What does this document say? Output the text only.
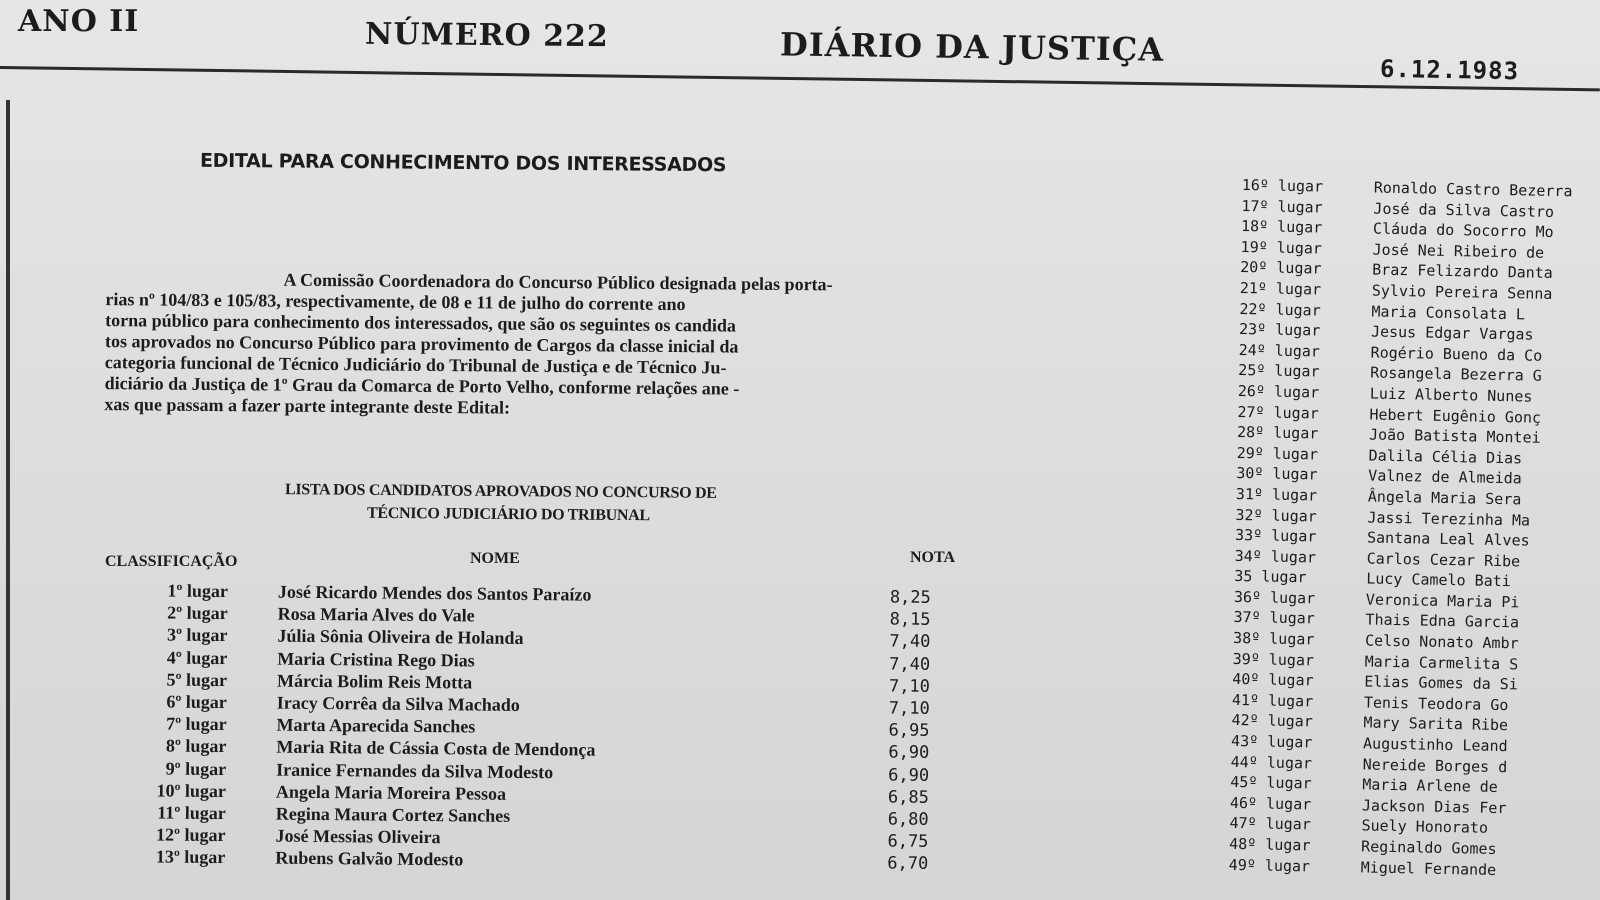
ANO II	NÚMERO 222	DIÁRIO DA JUSTIÇA
6.12.1983
EDITAL PARA CONHECIMENTO DOS INTERESSADOS
A Comissão Coordenadora do Concurso Público designada pelas porta-
rias nº 104/83 e 105/83, respectivamente, de 08 e 11 de julho do corrente ano
torna público para conhecimento dos interessados, que são os seguintes os candida
tos aprovados no Concurso Público para provimento de Cargos da classe inicial da
categoria funcional de Técnico Judiciário do Tribunal de Justiça e de Técnico Ju-
diciário da Justiça de 1º Grau da Comarca de Porto Velho, conforme relações ane -
xas que passam a fazer parte integrante deste Edital:
LISTA DOS CANDIDATOS APROVADOS NO CONCURSO DE
TÉCNICO JUDICIÁRIO DO TRIBUNAL
CLASSIFICAÇÃO	NOME	NOTA
1º lugar	José Ricardo Mendes dos Santos Paraízo	8,25
2º lugar	Rosa Maria Alves do Vale	8,15
3º lugar	Júlia Sônia Oliveira de Holanda	7,40
4º lugar	Maria Cristina Rego Dias	7,40
5º lugar	Márcia Bolim Reis Motta	7,10
6º lugar	Iracy Corrêa da Silva Machado	7,10
7º lugar	Marta Aparecida Sanches	6,95
8º lugar	Maria Rita de Cássia Costa de Mendonça	6,90
9º lugar	Iranice Fernandes da Silva Modesto	6,90
10º lugar	Angela Maria Moreira Pessoa	6,85
11º lugar	Regina Maura Cortez Sanches	6,80
12º lugar	José Messias Oliveira	6,75
13º lugar	Rubens Galvão Modesto	6,70
16º lugar	Ronaldo Castro Bezerra
17º lugar	José da Silva Castro
18º lugar	Cláuda do Socorro Mo
19º lugar	José Nei Ribeiro de
20º lugar	Braz Felizardo Danta
21º lugar	Sylvio Pereira Senna
22º lugar	Maria Consolata L
23º lugar	Jesus Edgar Vargas
24º lugar	Rogério Bueno da Co
25º lugar	Rosangela Bezerra G
26º lugar	Luiz Alberto Nunes
27º lugar	Hebert Eugênio Gonç
28º lugar	João Batista Montei
29º lugar	Dalila Célia Dias
30º lugar	Valnez de Almeida
31º lugar	Ângela Maria Sera
32º lugar	Jassi Terezinha Ma
33º lugar	Santana Leal Alves
34º lugar	Carlos Cezar Ribe
35 lugar	Lucy Camelo Bati
36º lugar	Veronica Maria Pi
37º lugar	Thais Edna Garcia
38º lugar	Celso Nonato Ambr
39º lugar	Maria Carmelita S
40º lugar	Elias Gomes da Si
41º lugar	Tenis Teodora Go
42º lugar	Mary Sarita Ribe
43º lugar	Augustinho Leand
44º lugar	Nereide Borges d
45º lugar	Maria Arlene de
46º lugar	Jackson Dias Fer
47º lugar	Suely Honorato
48º lugar	Reginaldo Gomes
49º lugar	Miguel Fernande
